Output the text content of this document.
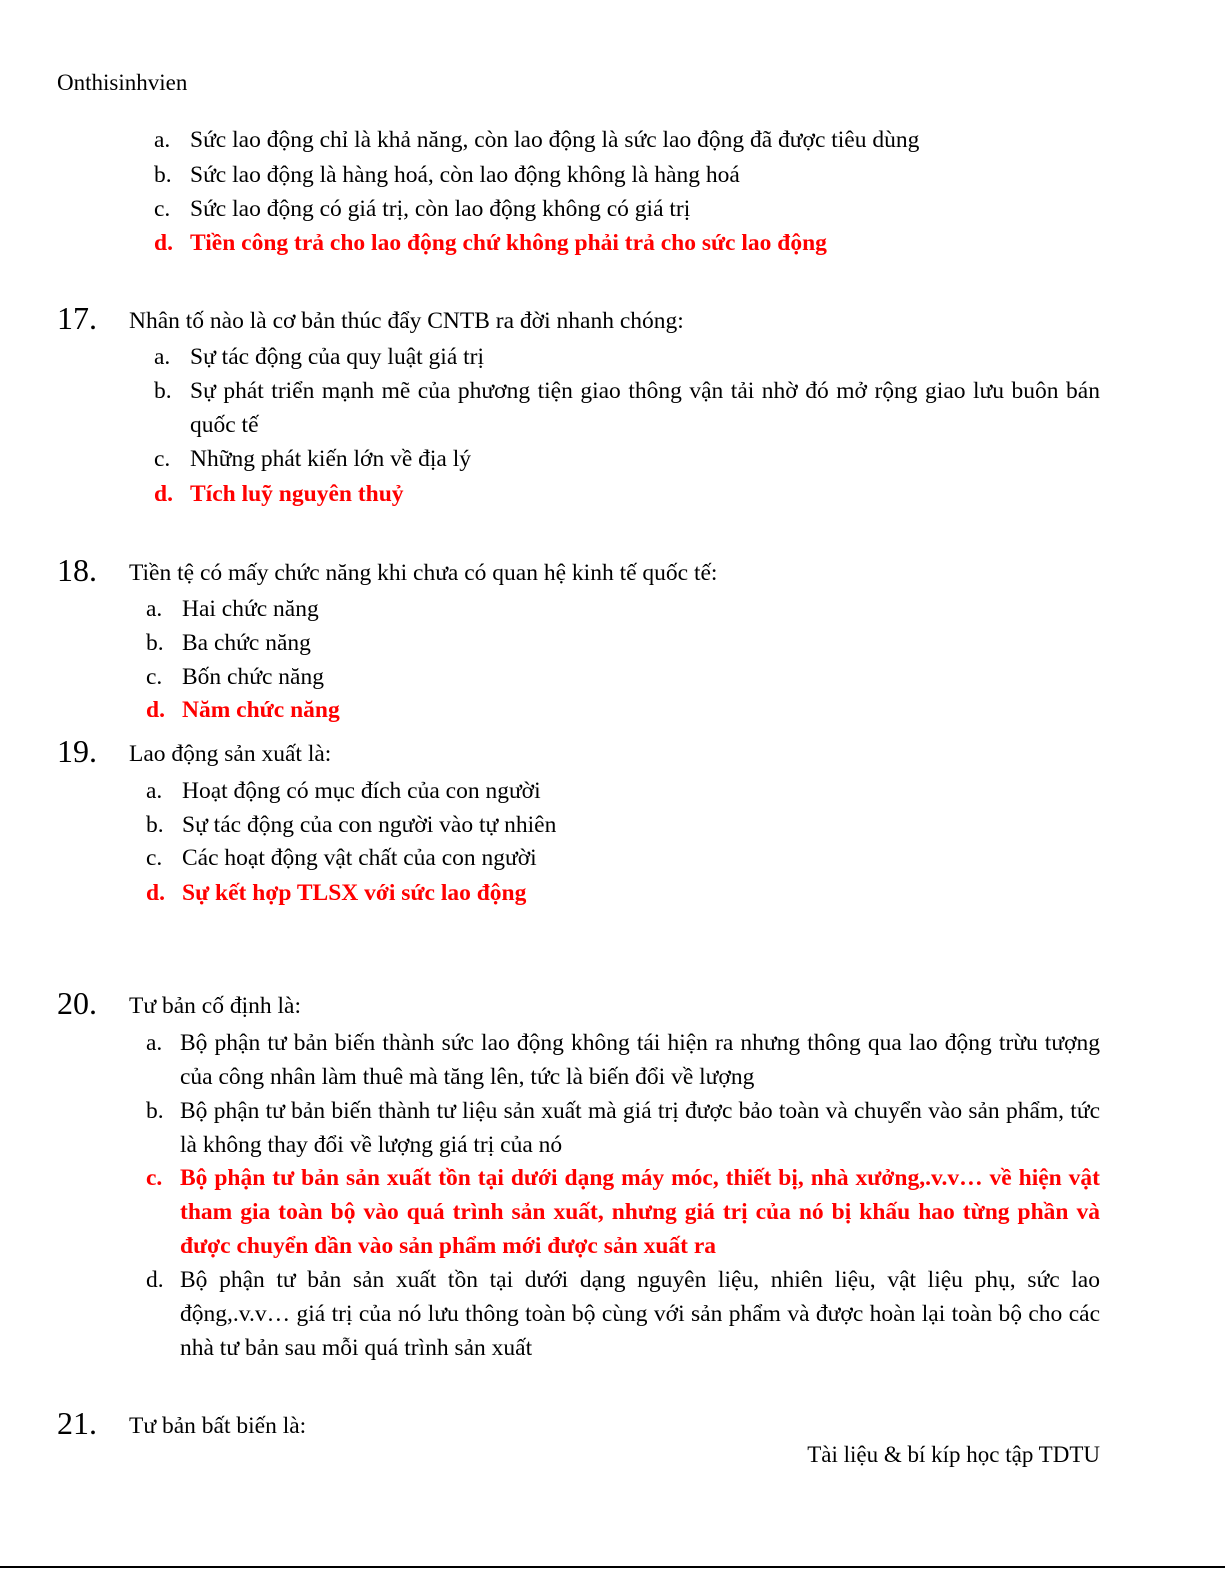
Onthisinhvien
a. Sức lao động chỉ là khả năng, còn lao động là sức lao động đã được tiêu dùng
b. Sức lao động là hàng hoá, còn lao động không là hàng hoá
c. Sức lao động có giá trị, còn lao động không có giá trị
d. Tiền công trả cho lao động chứ không phải trả cho sức lao động
17. Nhân tố nào là cơ bản thúc đẩy CNTB ra đời nhanh chóng:
a. Sự tác động của quy luật giá trị
b. Sự phát triển mạnh mẽ của phương tiện giao thông vận tải nhờ đó mở rộng giao lưu buôn bán quốc tế
c. Những phát kiến lớn về địa lý
d. Tích luỹ nguyên thuỷ
18. Tiền tệ có mấy chức năng khi chưa có quan hệ kinh tế quốc tế:
a. Hai chức năng
b. Ba chức năng
c. Bốn chức năng
d. Năm chức năng
19. Lao động sản xuất là:
a. Hoạt động có mục đích của con người
b. Sự tác động của con người vào tự nhiên
c. Các hoạt động vật chất của con người
d. Sự kết hợp TLSX với sức lao động
20. Tư bản cố định là:
a. Bộ phận tư bản biến thành sức lao động không tái hiện ra nhưng thông qua lao động trừu tượng của công nhân làm thuê mà tăng lên, tức là biến đổi về lượng
b. Bộ phận tư bản biến thành tư liệu sản xuất mà giá trị được bảo toàn và chuyển vào sản phẩm, tức là không thay đổi về lượng giá trị của nó
c. Bộ phận tư bản sản xuất tồn tại dưới dạng máy móc, thiết bị, nhà xưởng,.v.v… về hiện vật tham gia toàn bộ vào quá trình sản xuất, nhưng giá trị của nó bị khấu hao từng phần và được chuyển dần vào sản phẩm mới được sản xuất ra
d. Bộ phận tư bản sản xuất tồn tại dưới dạng nguyên liệu, nhiên liệu, vật liệu phụ, sức lao động,.v.v… giá trị của nó lưu thông toàn bộ cùng với sản phẩm và được hoàn lại toàn bộ cho các nhà tư bản sau mỗi quá trình sản xuất
21. Tư bản bất biến là:
Tài liệu & bí kíp học tập TDTU
